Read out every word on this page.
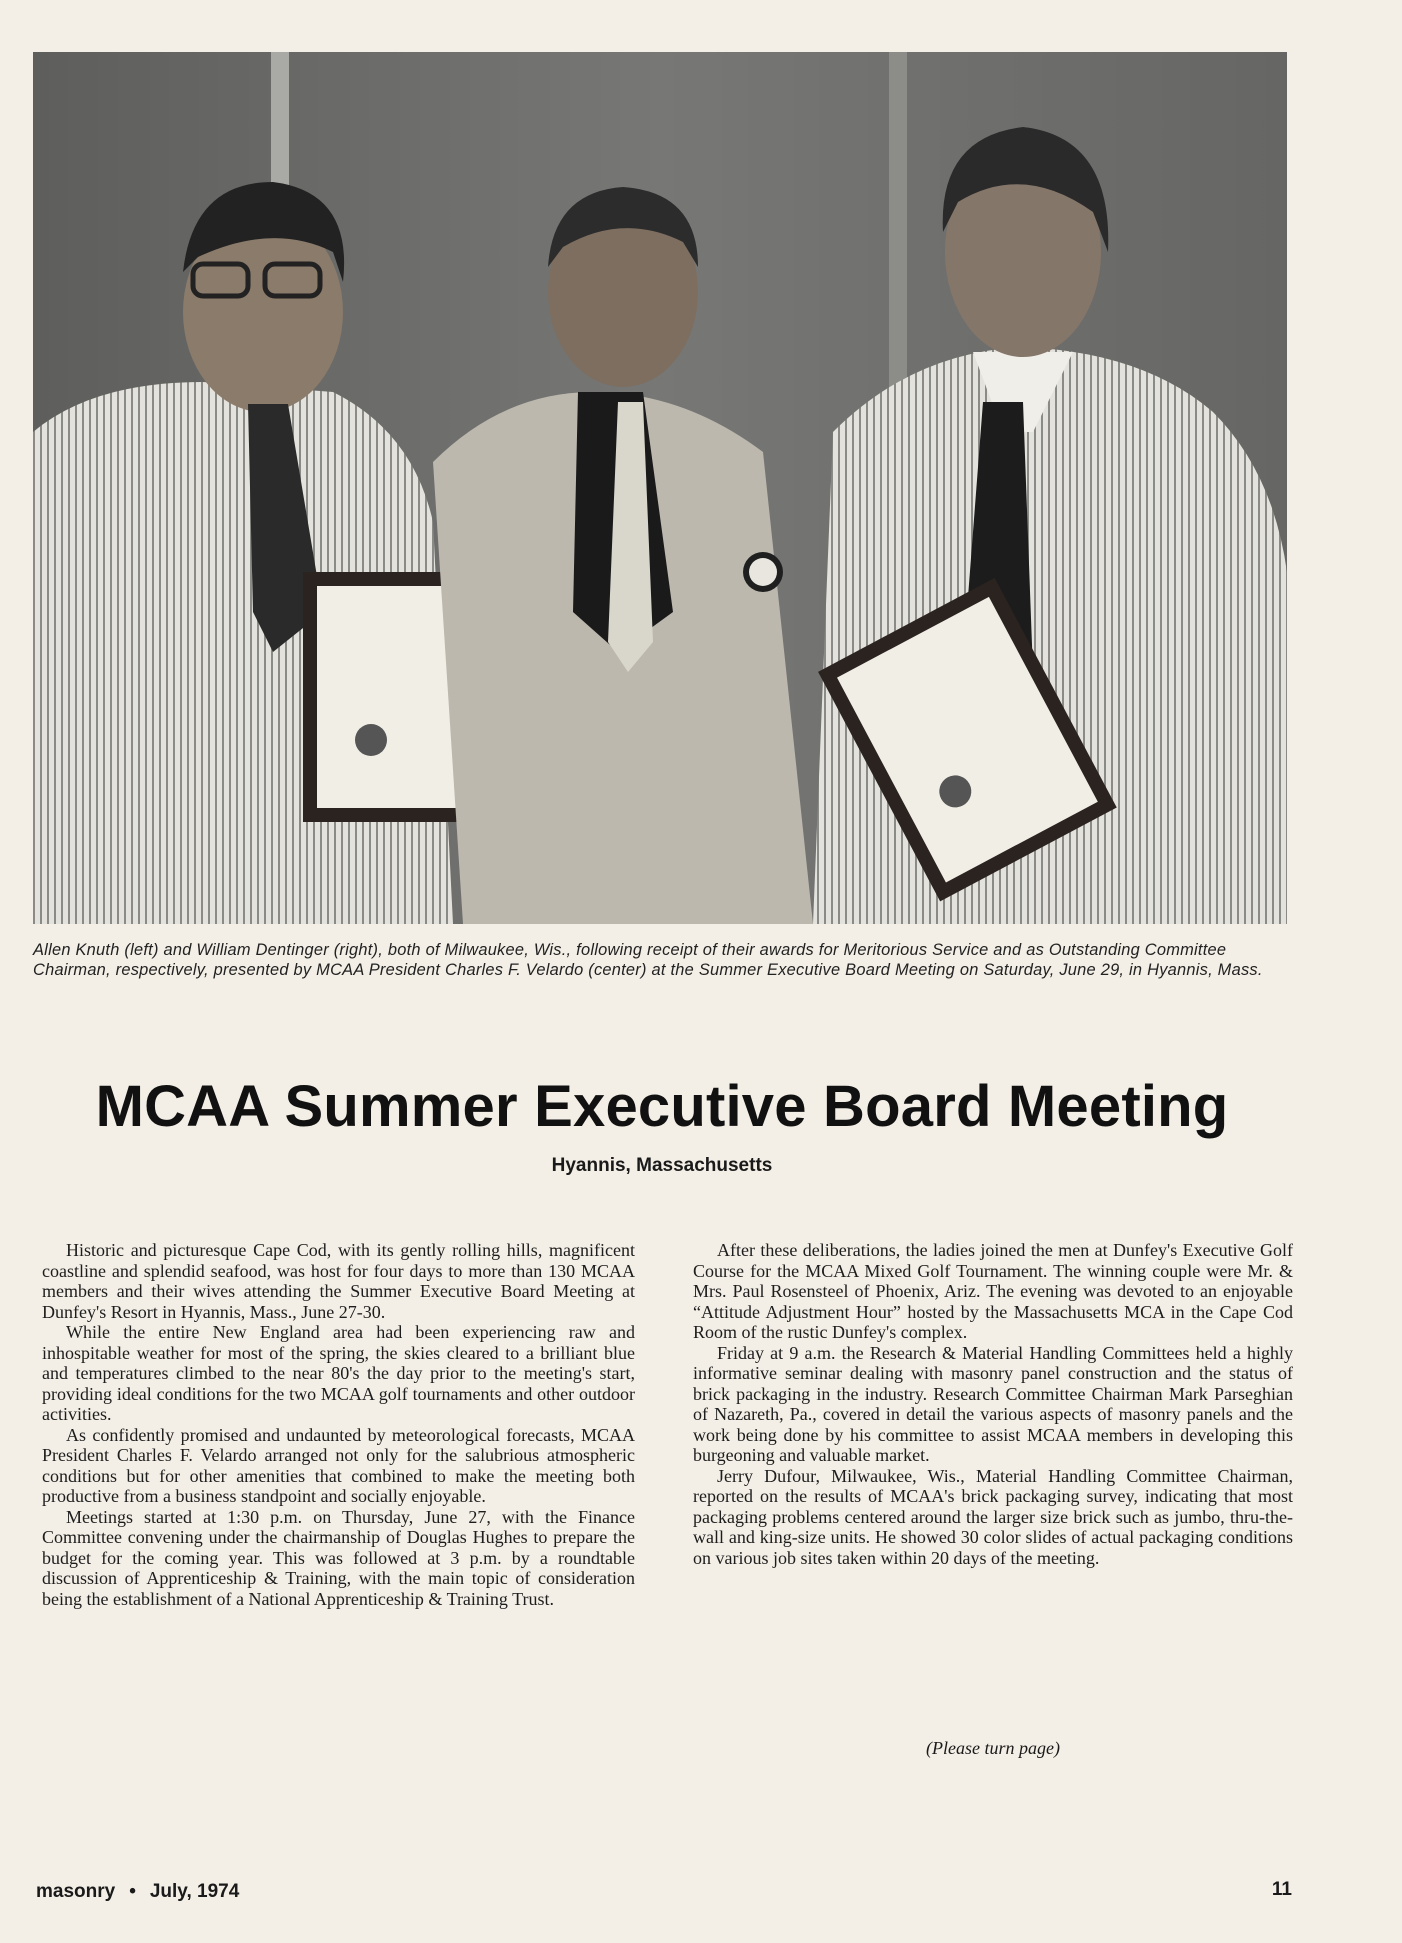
Allen Knuth (left) and William Dentinger (right), both of Milwaukee, Wis., following receipt of their awards for Meritorious Service and as Outstanding Committee Chairman, respectively, presented by MCAA President Charles F. Velardo (center) at the Summer Executive Board Meeting on Saturday, June 29, in Hyannis, Mass.
MCAA Summer Executive Board Meeting
Hyannis, Massachusetts

Historic and picturesque Cape Cod, with its gently rolling hills, magnificent coastline and splendid seafood, was host for four days to more than 130 MCAA members and their wives attending the Summer Executive Board Meeting at Dunfey's Resort in Hyannis, Mass., June 27-30.

While the entire New England area had been experiencing raw and inhospitable weather for most of the spring, the skies cleared to a brilliant blue and temperatures climbed to the near 80's the day prior to the meeting's start, providing ideal conditions for the two MCAA golf tournaments and other outdoor activities.

As confidently promised and undaunted by meteorological forecasts, MCAA President Charles F. Velardo arranged not only for the salubrious atmospheric conditions but for other amenities that combined to make the meeting both productive from a business standpoint and socially enjoyable.

Meetings started at 1:30 p.m. on Thursday, June 27, with the Finance Committee convening under the chairmanship of Douglas Hughes to prepare the budget for the coming year. This was followed at 3 p.m. by a roundtable discussion of Apprenticeship & Training, with the main topic of consideration being the establishment of a National Apprenticeship & Training Trust.

After these deliberations, the ladies joined the men at Dunfey's Executive Golf Course for the MCAA Mixed Golf Tournament. The winning couple were Mr. & Mrs. Paul Rosensteel of Phoenix, Ariz. The evening was devoted to an enjoyable “Attitude Adjustment Hour” hosted by the Massachusetts MCA in the Cape Cod Room of the rustic Dunfey's complex.

Friday at 9 a.m. the Research & Material Handling Committees held a highly informative seminar dealing with masonry panel construction and the status of brick packaging in the industry. Research Committee Chairman Mark Parseghian of Nazareth, Pa., covered in detail the various aspects of masonry panels and the work being done by his committee to assist MCAA members in developing this burgeoning and valuable market.

Jerry Dufour, Milwaukee, Wis., Material Handling Committee Chairman, reported on the results of MCAA's brick packaging survey, indicating that most packaging problems centered around the larger size brick such as jumbo, thru-the-wall and king-size units. He showed 30 color slides of actual packaging conditions on various job sites taken within 20 days of the meeting.

(Please turn page)
masonry • July, 1974	11
